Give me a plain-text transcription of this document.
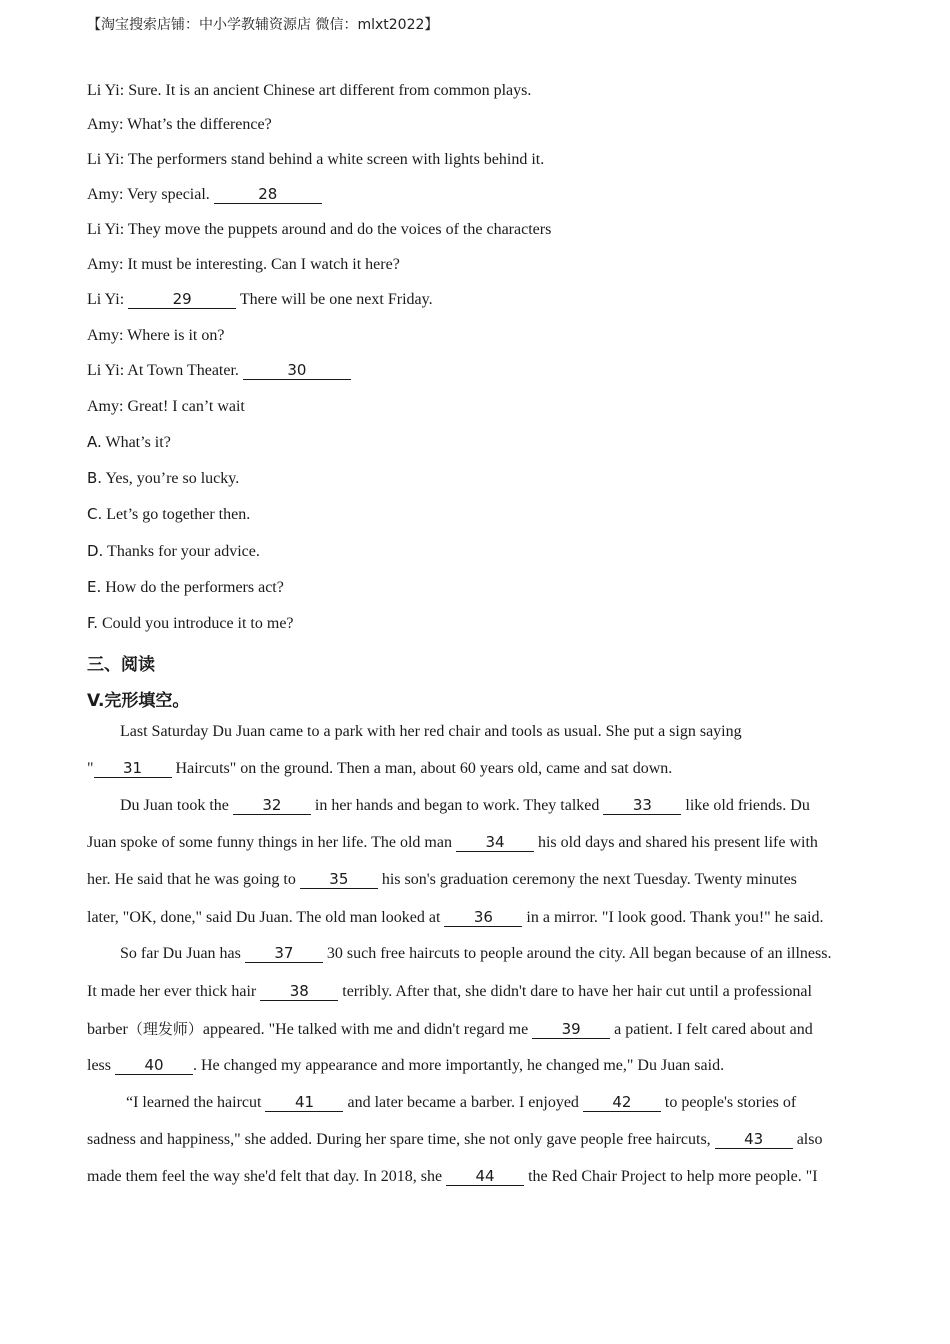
【淘宝搜索店铺：中小学教辅资源店 微信：mlxt2022】
Li Yi: Sure. It is an ancient Chinese art different from common plays.
Amy: What’s the difference?
Li Yi: The performers stand behind a white screen with lights behind it.
Amy: Very special.	28
Li Yi: They move the puppets around and do the voices of the characters
Amy: It must be interesting. Can I watch it here?
Li Yi:	29	There will be one next Friday.
Amy: Where is it on?
Li Yi: At Town Theater.	30
Amy: Great! I can’t wait
A. What’s it?
B. Yes, you’re so lucky.
C. Let’s go together then.
D. Thanks for your advice.
E. How do the performers act?
F. Could you introduce it to me?
三、阅读
V.完形填空。
Last Saturday Du Juan came to a park with her red chair and tools as usual. She put a sign saying
" 31 Haircuts" on the ground. Then a man, about 60 years old, came and sat down.
Du Juan took the 32 in her hands and began to work. They talked 33 like old friends. Du
Juan spoke of some funny things in her life. The old man 34 his old days and shared his present life with
her. He said that he was going to 35 his son's graduation ceremony the next Tuesday. Twenty minutes
later, "OK, done," said Du Juan. The old man looked at 36 in a mirror. "I look good. Thank you!" he said.
So far Du Juan has 37 30 such free haircuts to people around the city. All began because of an illness.
It made her ever thick hair 38 terribly. After that, she didn't dare to have her hair cut until a professional
barber（理发师）appeared. "He talked with me and didn't regard me 39 a patient. I felt cared about and
less 40 . He changed my appearance and more importantly, he changed me," Du Juan said.
“I learned the haircut 41 and later became a barber. I enjoyed 42 to people's stories of
sadness and happiness," she added. During her spare time, she not only gave people free haircuts, 43 also
made them feel the way she'd felt that day. In 2018, she 44 the Red Chair Project to help more people. "I
